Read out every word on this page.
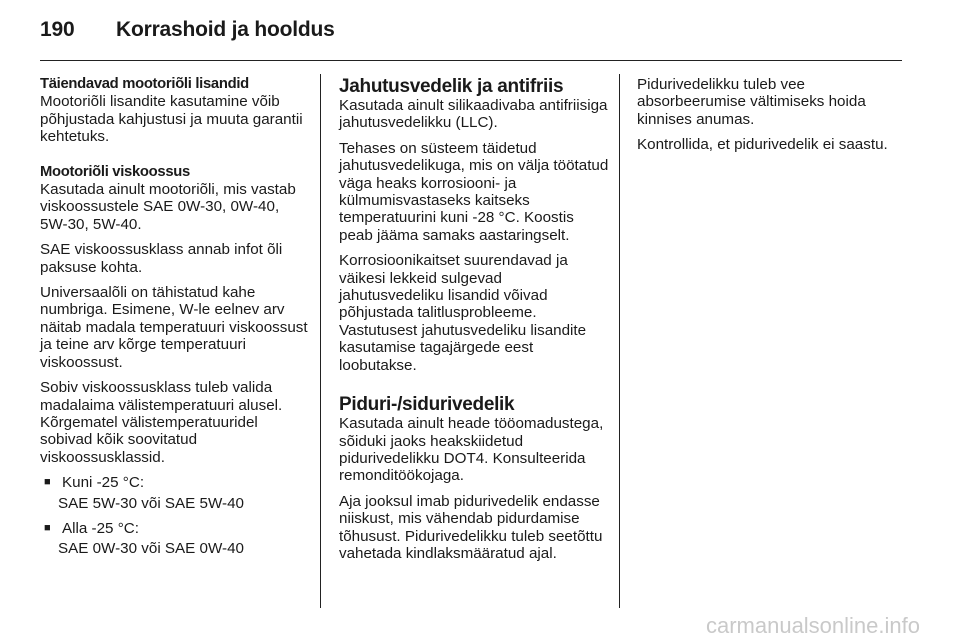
190 Korrashoid ja hooldus
Täiendavad mootoriõli lisandid

Mootoriõli lisandite kasutamine võib põhjustada kahjustusi ja muuta garantii kehtetuks.

Mootoriõli viskoossus

Kasutada ainult mootoriõli, mis vastab viskoossustele SAE 0W-30, 0W-40, 5W-30, 5W-40.

SAE viskoossusklass annab infot õli paksuse kohta.

Universaalõli on tähistatud kahe numbriga. Esimene, W-le eelnev arv näitab madala temperatuuri viskoossust ja teine arv kõrge temperatuuri viskoossust.

Sobiv viskoossusklass tuleb valida madalaima välistemperatuuri alusel. Kõrgematel välistemperatuuridel sobivad kõik soovitatud viskoossusklassid.

■ Kuni -25 °C:
SAE 5W-30 või SAE 5W-40
■ Alla -25 °C:
SAE 0W-30 või SAE 0W-40
Jahutusvedelik ja antifriis

Kasutada ainult silikaadivaba antifriisiga jahutusvedelikku (LLC).

Tehases on süsteem täidetud jahutusvedelikuga, mis on välja töötatud väga heaks korrosiooni- ja külmumisvastaseks kaitseks temperatuurini kuni -28 °C. Koostis peab jääma samaks aastaringselt.

Korrosioonikaitset suurendavad ja väikesi lekkeid sulgevad jahutusvedeliku lisandid võivad põhjustada talitlusprobleeme. Vastutusest jahutusvedeliku lisandite kasutamise tagajärgede eest loobutakse.

Piduri-/sidurivedelik

Kasutada ainult heade tööomadustega, sõiduki jaoks heakskiidetud pidurivedelikku DOT4. Konsulteerida remonditöökojaga.

Aja jooksul imab pidurivedelik endasse niiskust, mis vähendab pidurdamise tõhusust. Pidurivedelikku tuleb seetõttu vahetada kindlaksmääratud ajal.

Pidurivedelikku tuleb vee absorbeerumise vältimiseks hoida kinnises anumas.

Kontrollida, et pidurivedelik ei saastu.

carmanualsonline.info
